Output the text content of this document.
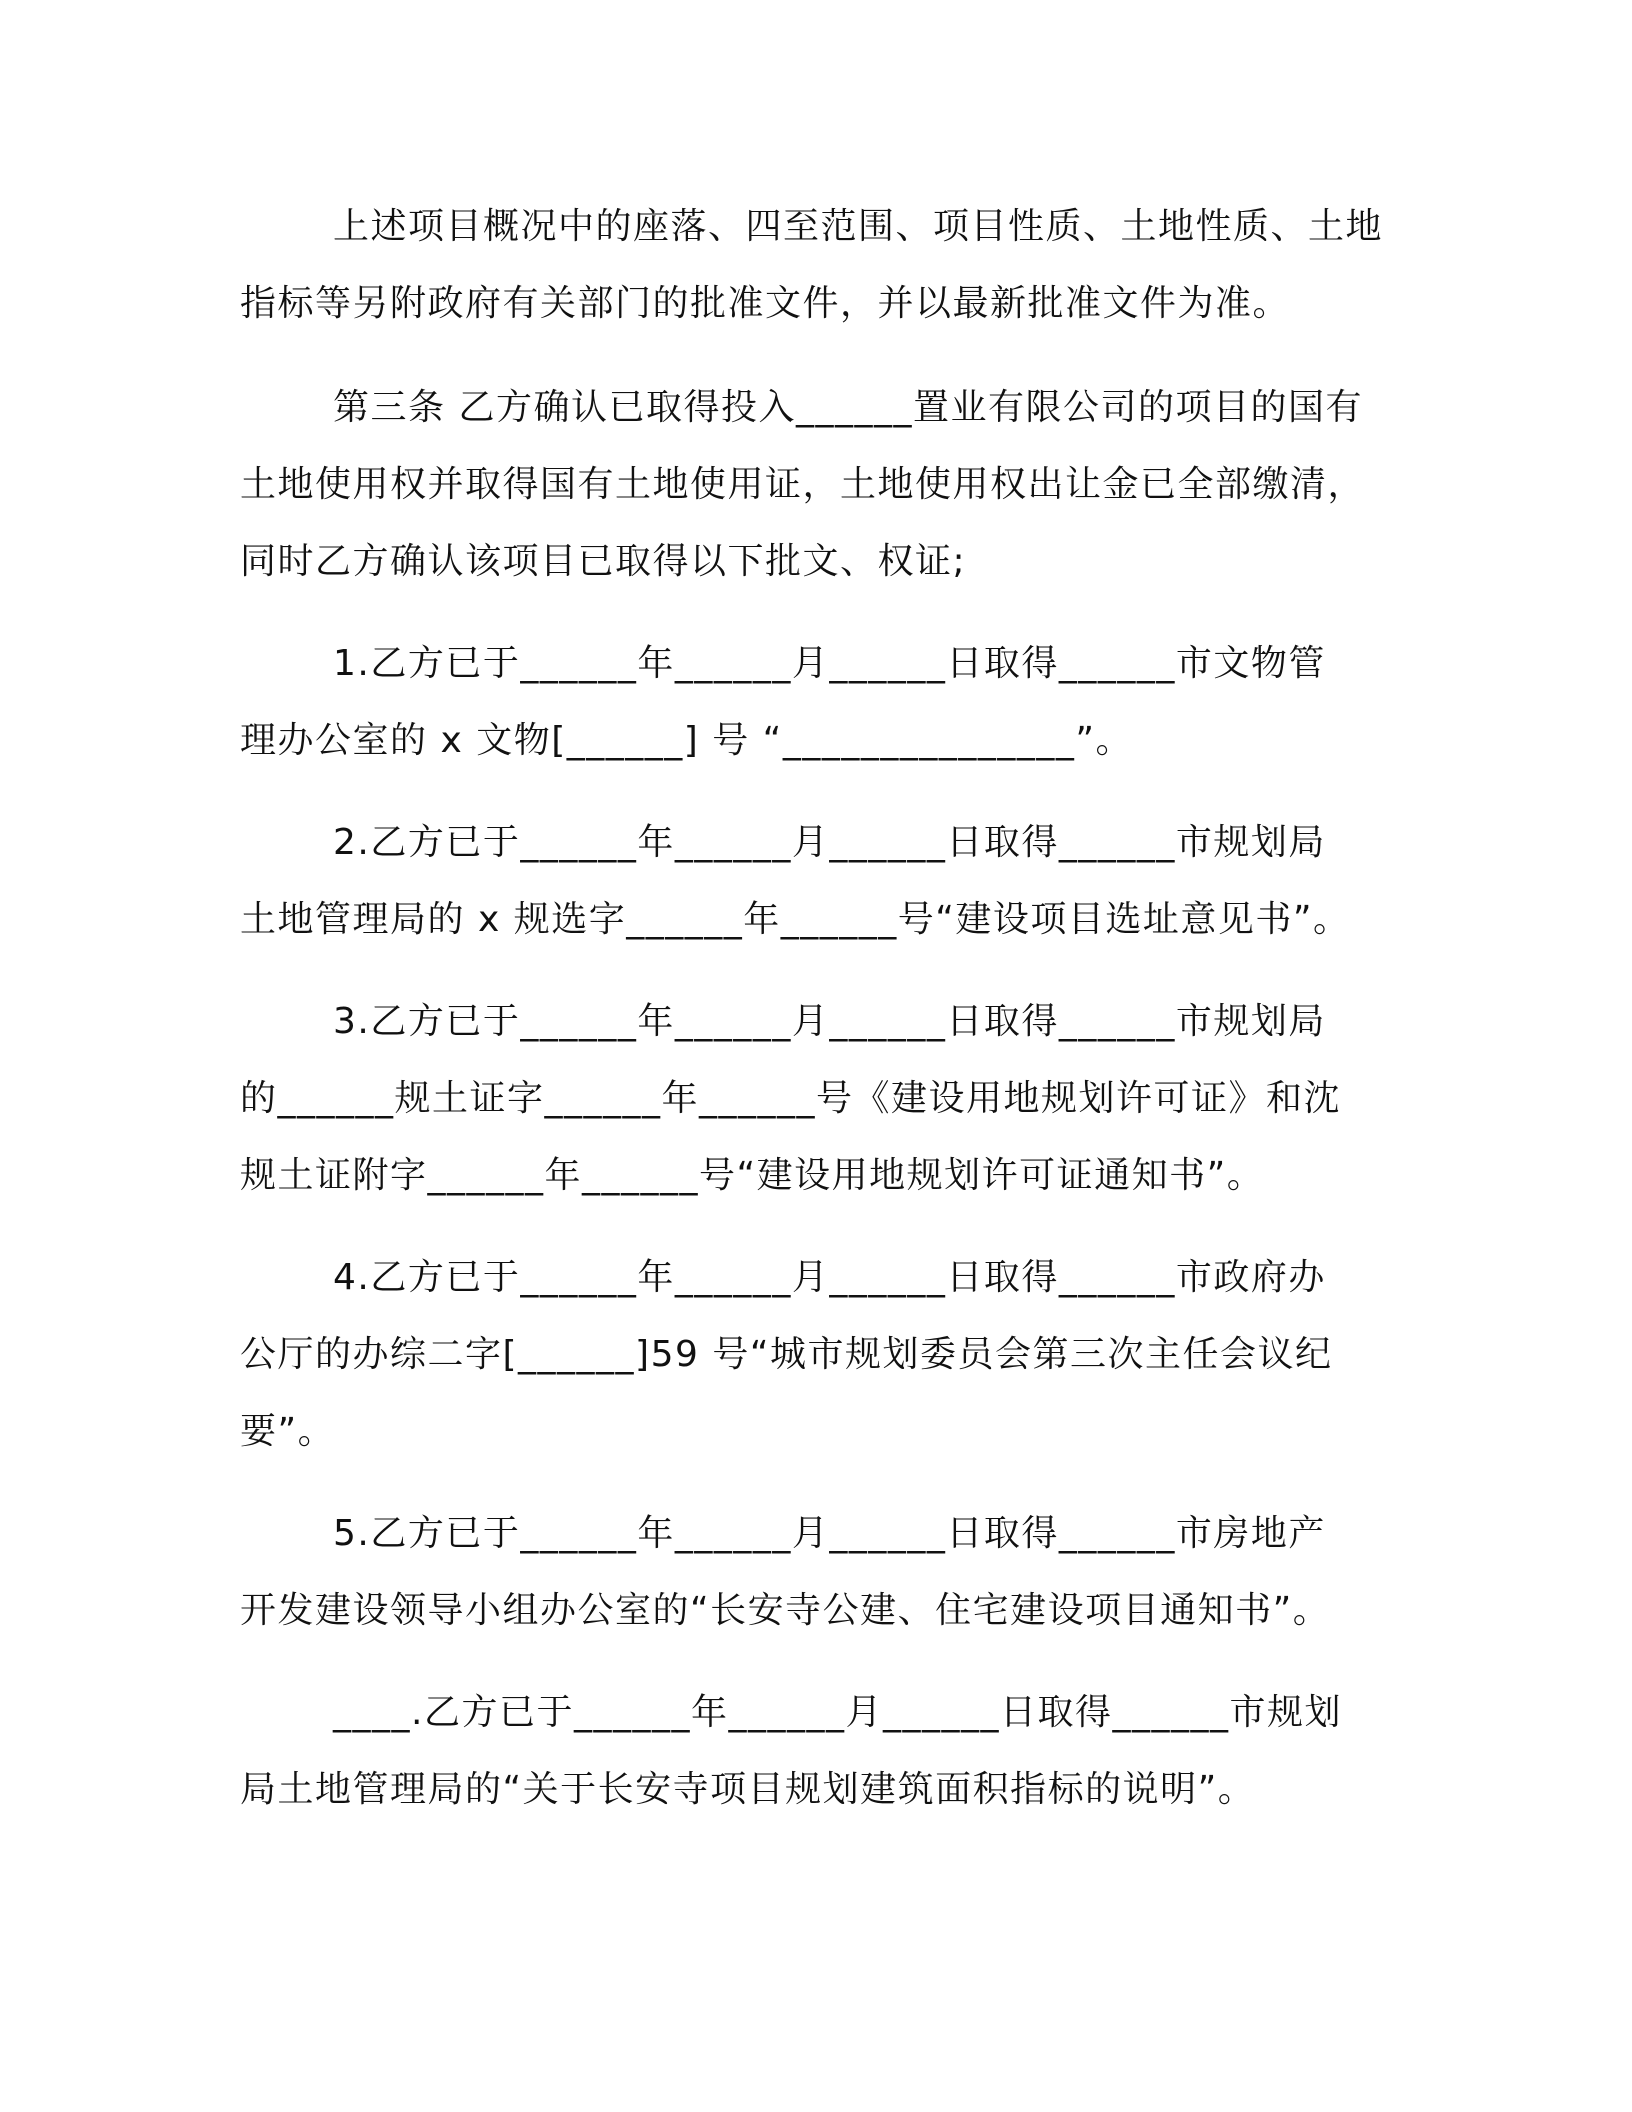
上述项目概况中的座落、四至范围、项目性质、土地性质、土地
指标等另附政府有关部门的批准文件，并以最新批准文件为准。

第三条 乙方确认已取得投入______置业有限公司的项目的国有
土地使用权并取得国有土地使用证，土地使用权出让金已全部缴清，
同时乙方确认该项目已取得以下批文、权证;

1.乙方已于______年______月______日取得______市文物管
理办公室的 x 文物[______] 号 “_______________”。

2.乙方已于______年______月______日取得______市规划局
土地管理局的 x 规选字______年______号“建设项目选址意见书”。

3.乙方已于______年______月______日取得______市规划局
的______规土证字______年______号《建设用地规划许可证》和沈
规土证附字______年______号“建设用地规划许可证通知书”。

4.乙方已于______年______月______日取得______市政府办
公厅的办综二字[______]59 号“城市规划委员会第三次主任会议纪
要”。

5.乙方已于______年______月______日取得______市房地产
开发建设领导小组办公室的“长安寺公建、住宅建设项目通知书”。

____.乙方已于______年______月______日取得______市规划
局土地管理局的“关于长安寺项目规划建筑面积指标的说明”。
